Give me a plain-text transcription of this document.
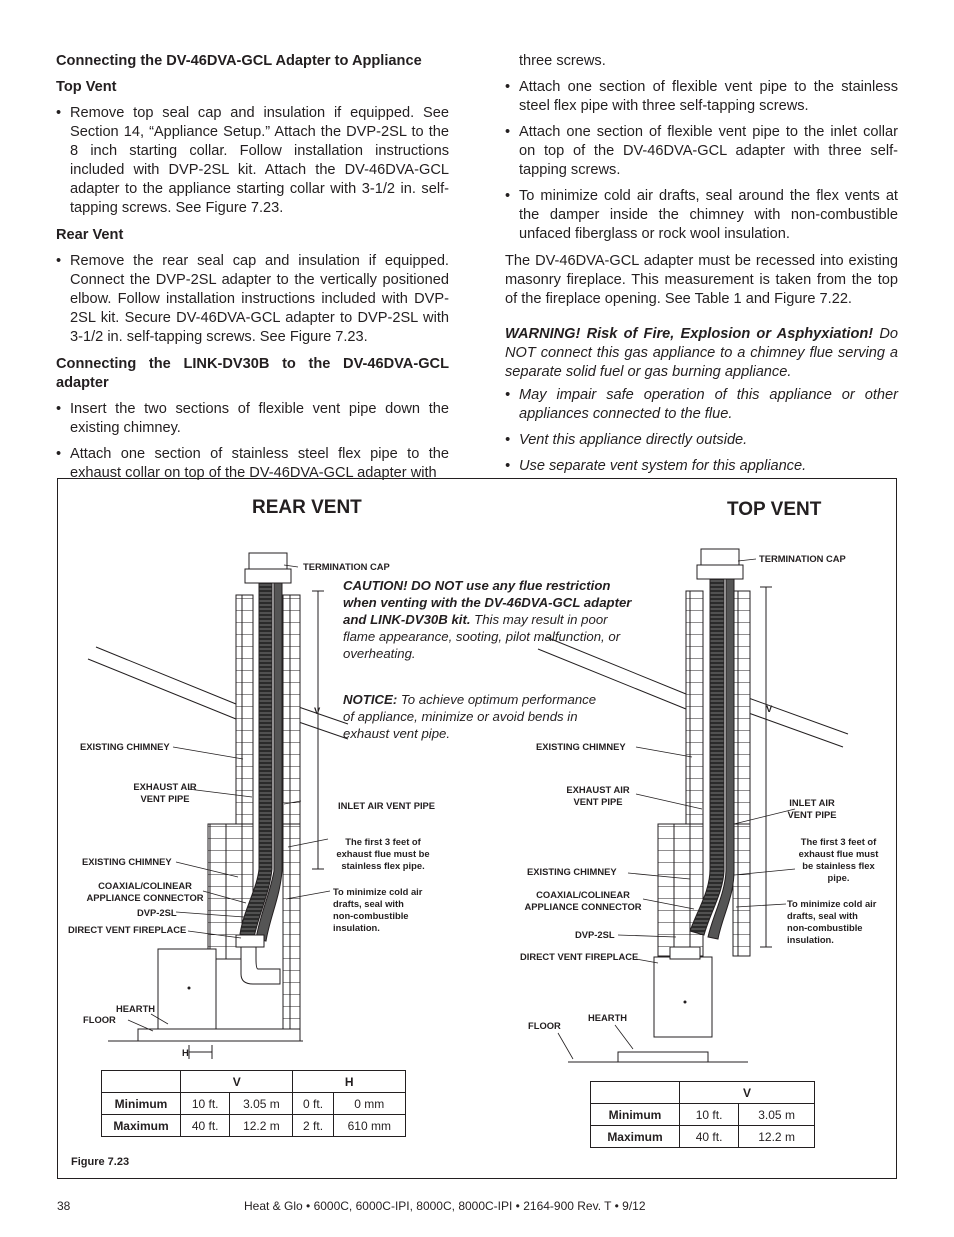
Connecting the DV-46DVA-GCL Adapter to Appliance

Top Vent

• Remove top seal cap and insulation if equipped. See Section 14, “Appliance Setup.” Attach the DVP-2SL to the 8 inch starting collar. Follow installation instructions included with DVP-2SL kit. Attach the DV-46DVA-GCL adapter to the appliance starting collar with 3-1/2 in. self-tapping screws. See Figure 7.23.

Rear Vent

• Remove the rear seal cap and insulation if equipped. Connect the DVP-2SL adapter to the vertically positioned elbow. Follow installation instructions included with DVP-2SL kit. Secure DV-46DVA-GCL adapter to DVP-2SL with 3-1/2 in. self-tapping screws. See Figure 7.23.

Connecting the LINK-DV30B to the DV-46DVA-GCL adapter

• Insert the two sections of flexible vent pipe down the existing chimney.

• Attach one section of stainless steel flex pipe to the exhaust collar on top of the DV-46DVA-GCL adapter with

three screws.

• Attach one section of flexible vent pipe to the stainless steel flex pipe with three self-tapping screws.

• Attach one section of flexible vent pipe to the inlet collar on top of the DV-46DVA-GCL adapter with three self-tapping screws.

• To minimize cold air drafts, seal around the flex vents at the damper inside the chimney with non-combustible unfaced fiberglass or rock wool insulation.

The DV-46DVA-GCL adapter must be recessed into existing masonry fireplace. This measurement is taken from the top of the fireplace opening. See Table 1 and Figure 7.22.

WARNING! Risk of Fire, Explosion or Asphyxiation! Do NOT connect this gas appliance to a chimney flue serving a separate solid fuel or gas burning appliance.

• May impair safe operation of this appliance or other appliances connected to the flue.

• Vent this appliance directly outside.

• Use separate vent system for this appliance.

REAR VENT	TOP VENT
CAUTION! DO NOT use any flue restriction when venting with the DV-46DVA-GCL adapter and LINK-DV30B kit. This may result in poor flame appearance, sooting, pilot malfunction, or overheating.
NOTICE: To achieve optimum performance of appliance, minimize or avoid bends in exhaust vent pipe.
TERMINATION CAP
EXISTING CHIMNEY
EXHAUST AIR
VENT PIPE
INLET AIR VENT PIPE
The first 3 feet of
exhaust flue must be
stainless flex pipe.
EXISTING CHIMNEY
COAXIAL/COLINEAR
APPLIANCE CONNECTOR
To minimize cold air
drafts, seal with
non-combustible
insulation.
DVP-2SL
DIRECT VENT FIREPLACE
HEARTH
FLOOR
V
H
TERMINATION CAP
EXISTING CHIMNEY
EXHAUST AIR
VENT PIPE	INLET AIR
VENT PIPE
The first 3 feet of
exhaust flue must
be stainless flex
pipe.
EXISTING CHIMNEY
COAXIAL/COLINEAR
APPLIANCE CONNECTOR	To minimize cold air
drafts, seal with
non-combustible
insulation.
DVP-2SL
DIRECT VENT FIREPLACE
HEARTH
FLOOR
V
	V		H	
Minimum	10 ft.	3.05 m	0 ft.	0 mm
Maximum	40 ft.	12.2 m	2 ft.	610 mm
	V	
Minimum	10 ft.	3.05 m
Maximum	40 ft.	12.2 m
Figure 7.23
38	Heat & Glo • 6000C, 6000C-IPI, 8000C, 8000C-IPI • 2164-900 Rev. T • 9/12
